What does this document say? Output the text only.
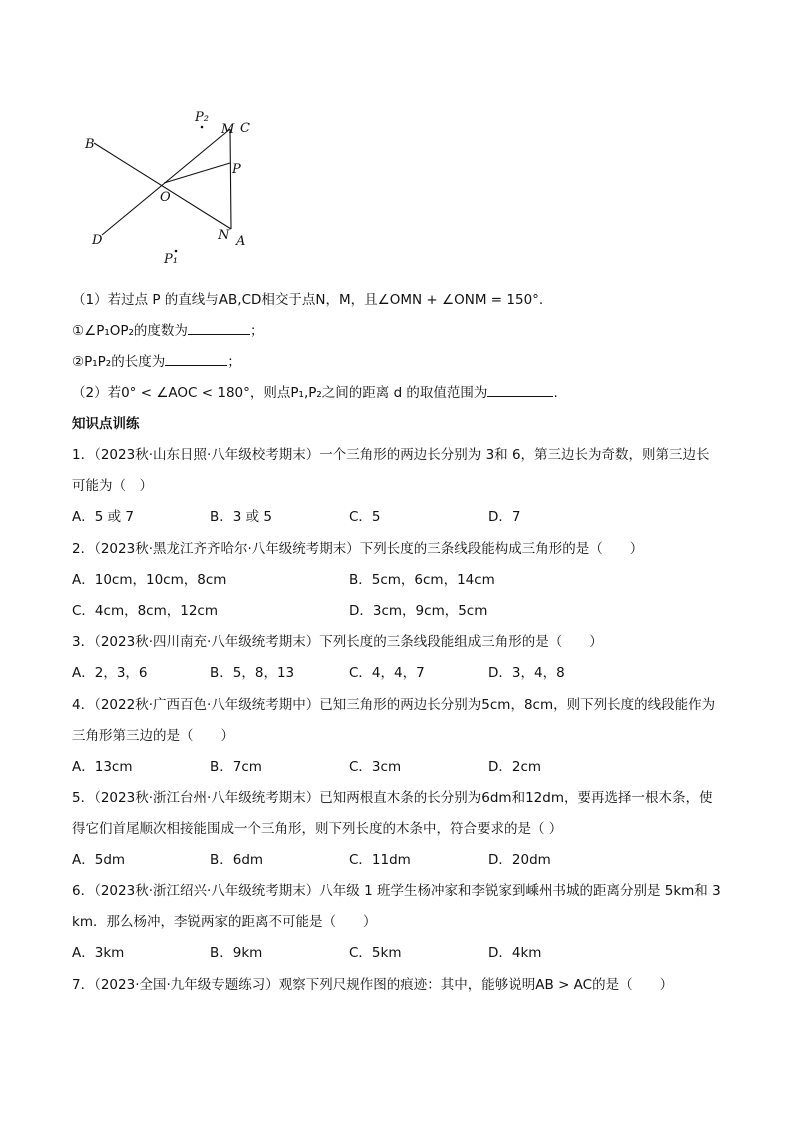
B
D
O
P₂
M C
P
N A
P₁
（1）若过点 P 的直线与AB,CD相交于点N，M，且∠OMN + ∠ONM = 150°.
①∠P₁OP₂的度数为	；
②P₁P₂的长度为	；
（2）若0° < ∠AOC < 180°，则点P₁,P₂之间的距离 d 的取值范围为	.
知识点训练
1．（2023秋·山东日照·八年级校考期末）一个三角形的两边长分别为 3和 6，第三边长为奇数，则第三边长
可能为（　）
A．5 或 7	B．3 或 5	C．5	D．7
2．（2023秋·黑龙江齐齐哈尔·八年级统考期末）下列长度的三条线段能构成三角形的是（　　）
A．10cm，10cm，8cm	B．5cm，6cm，14cm
C．4cm，8cm，12cm	D．3cm，9cm，5cm
3．（2023秋·四川南充·八年级统考期末）下列长度的三条线段能组成三角形的是（　　）
A．2，3，6	B．5，8，13	C．4，4，7	D．3，4，8
4．（2022秋·广西百色·八年级统考期中）已知三角形的两边长分别为5cm，8cm，则下列长度的线段能作为
三角形第三边的是（　　）
A．13cm	B．7cm	C．3cm	D．2cm
5．（2023秋·浙江台州·八年级统考期末）已知两根直木条的长分别为6dm和12dm，要再选择一根木条，使
得它们首尾顺次相接能围成一个三角形，则下列长度的木条中，符合要求的是（ ）
A．5dm	B．6dm	C．11dm	D．20dm
6．（2023秋·浙江绍兴·八年级统考期末）八年级 1 班学生杨冲家和李锐家到嵊州书城的距离分别是 5km和 3
km．那么杨冲，李锐两家的距离不可能是（　　）
A．3km	B．9km	C．5km	D．4km
7．（2023·全国·九年级专题练习）观察下列尺规作图的痕迹：其中，能够说明AB > AC的是（　　）
